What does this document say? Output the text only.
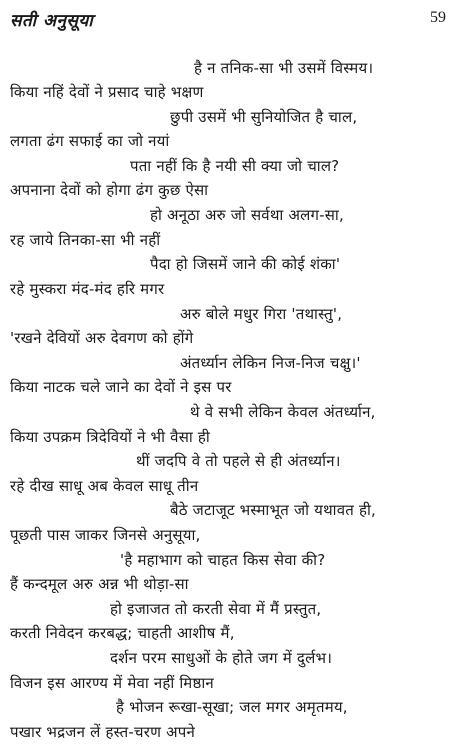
सती अनुसूया	59
है न तनिक-सा भी उसमें विस्मय।
किया नहिं देवों ने प्रसाद चाहे भक्षण
छुपी उसमें भी सुनियोजित है चाल,
लगता ढंग सफाई का जो नयां
पता नहीं कि है नयी सी क्या जो चाल?
अपनाना देवों को होगा ढंग कुछ ऐसा
हो अनूठा अरु जो सर्वथा अलग-सा,
रह जाये तिनका-सा भी नहीं
पैदा हो जिसमें जाने की कोई शंका'
रहे मुस्करा मंद-मंद हरि मगर
अरु बोले मधुर गिरा 'तथास्तु',
'रखने देवियों अरु देवगण को होंगे
अंतर्ध्यान लेकिन निज-निज चक्षु।'
किया नाटक चले जाने का देवों ने इस पर
थे वे सभी लेकिन केवल अंतर्ध्यान,
किया उपक्रम त्रिदेवियों ने भी वैसा ही
थीं जदपि वे तो पहले से ही अंतर्ध्यान।
रहे दीख साधू अब केवल साधू तीन
बैठे जटाजूट भस्माभूत जो यथावत ही,
पूछती पास जाकर जिनसे अनुसूया,
'है महाभाग को चाहत किस सेवा की?
हैं कन्दमूल अरु अन्न भी थोड़ा-सा
हो इजाजत तो करती सेवा में मैं प्रस्तुत,
करती निवेदन करबद्ध; चाहती आशीष मैं,
दर्शन परम साधुओं के होते जग में दुर्लभ।
विजन इस आरण्य में मेवा नहीं मिष्ठान
है भोजन रूखा-सूखा; जल मगर अमृतमय,
पखार भद्रजन लें हस्त-चरण अपने
